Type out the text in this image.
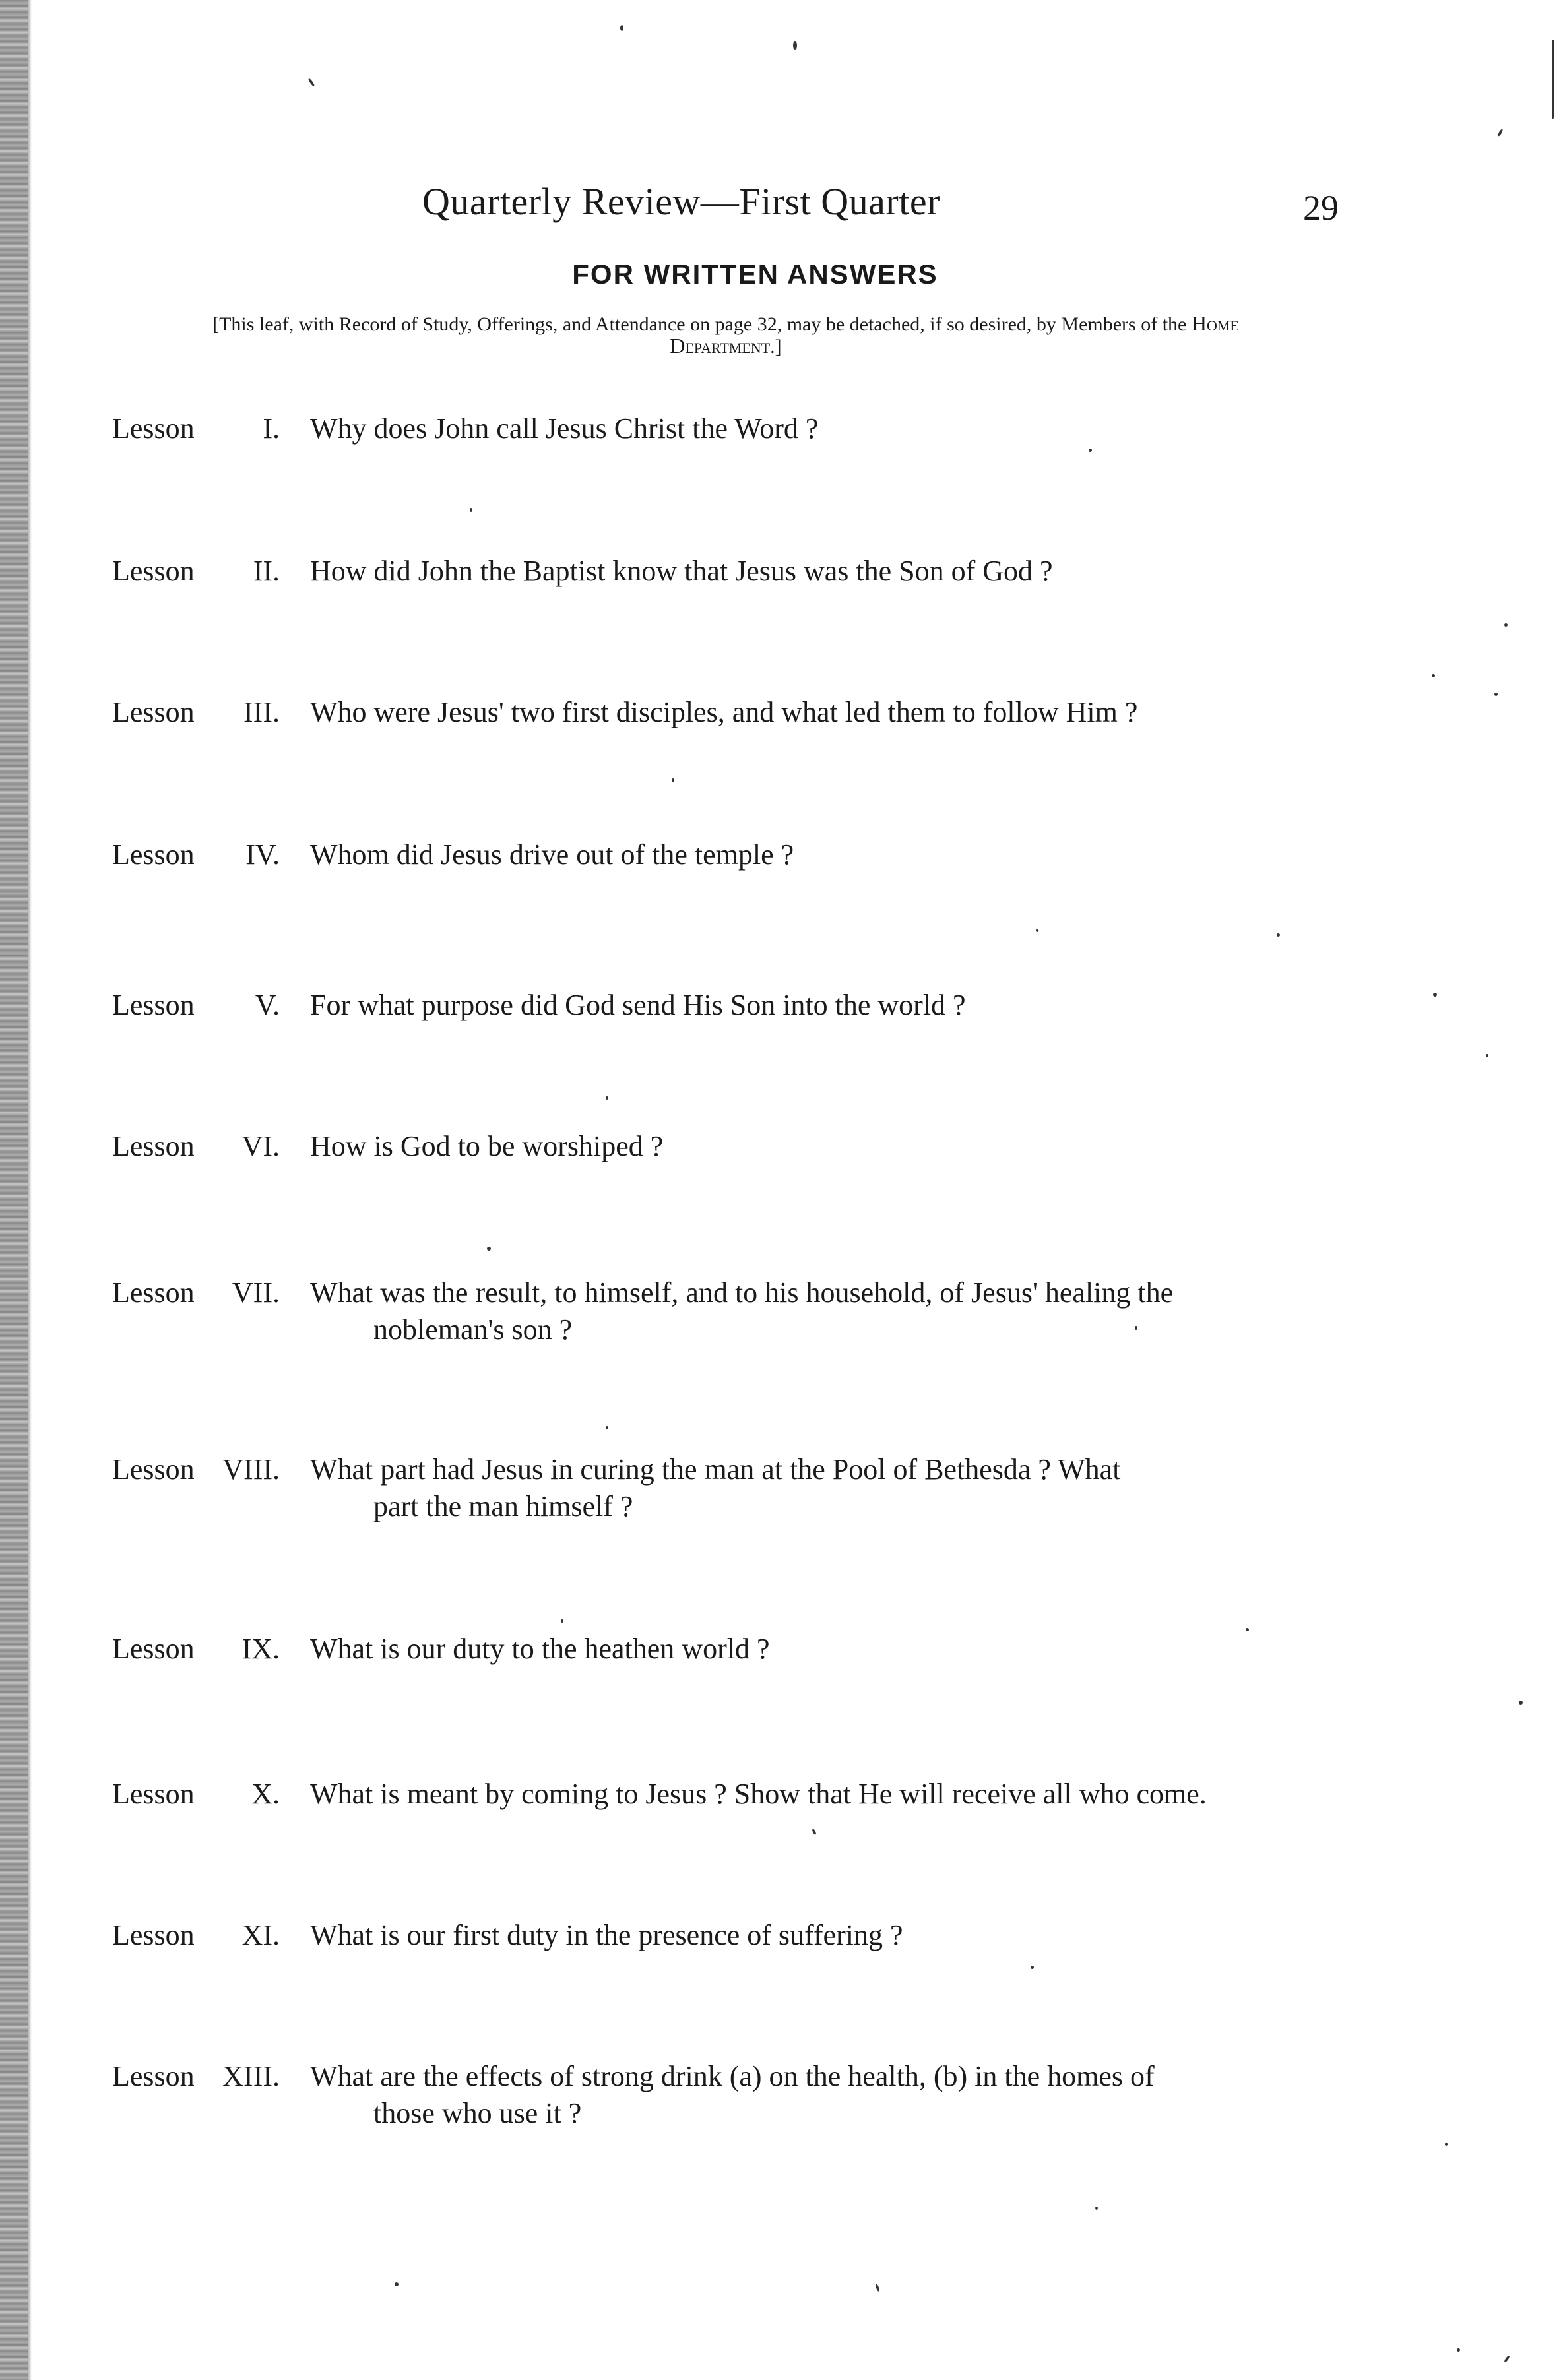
Quarterly Review—First Quarter	29
FOR WRITTEN ANSWERS
[This leaf, with Record of Study, Offerings, and Attendance on page 32, may be detached, if so desired, by Members of the Home Department.]
Lesson I. Why does John call Jesus Christ the Word ?
Lesson II. How did John the Baptist know that Jesus was the Son of God ?
Lesson III. Who were Jesus' two first disciples, and what led them to follow Him ?
Lesson IV. Whom did Jesus drive out of the temple ?
Lesson V. For what purpose did God send His Son into the world ?
Lesson VI. How is God to be worshiped ?
Lesson VII. What was the result, to himself, and to his household, of Jesus' healing the
nobleman's son ?
Lesson VIII. What part had Jesus in curing the man at the Pool of Bethesda ? What
part the man himself ?
Lesson IX. What is our duty to the heathen world ?
Lesson X. What is meant by coming to Jesus ? Show that He will receive all who come.
Lesson XI. What is our first duty in the presence of suffering ?
Lesson XIII. What are the effects of strong drink (a) on the health, (b) in the homes of
those who use it ?
